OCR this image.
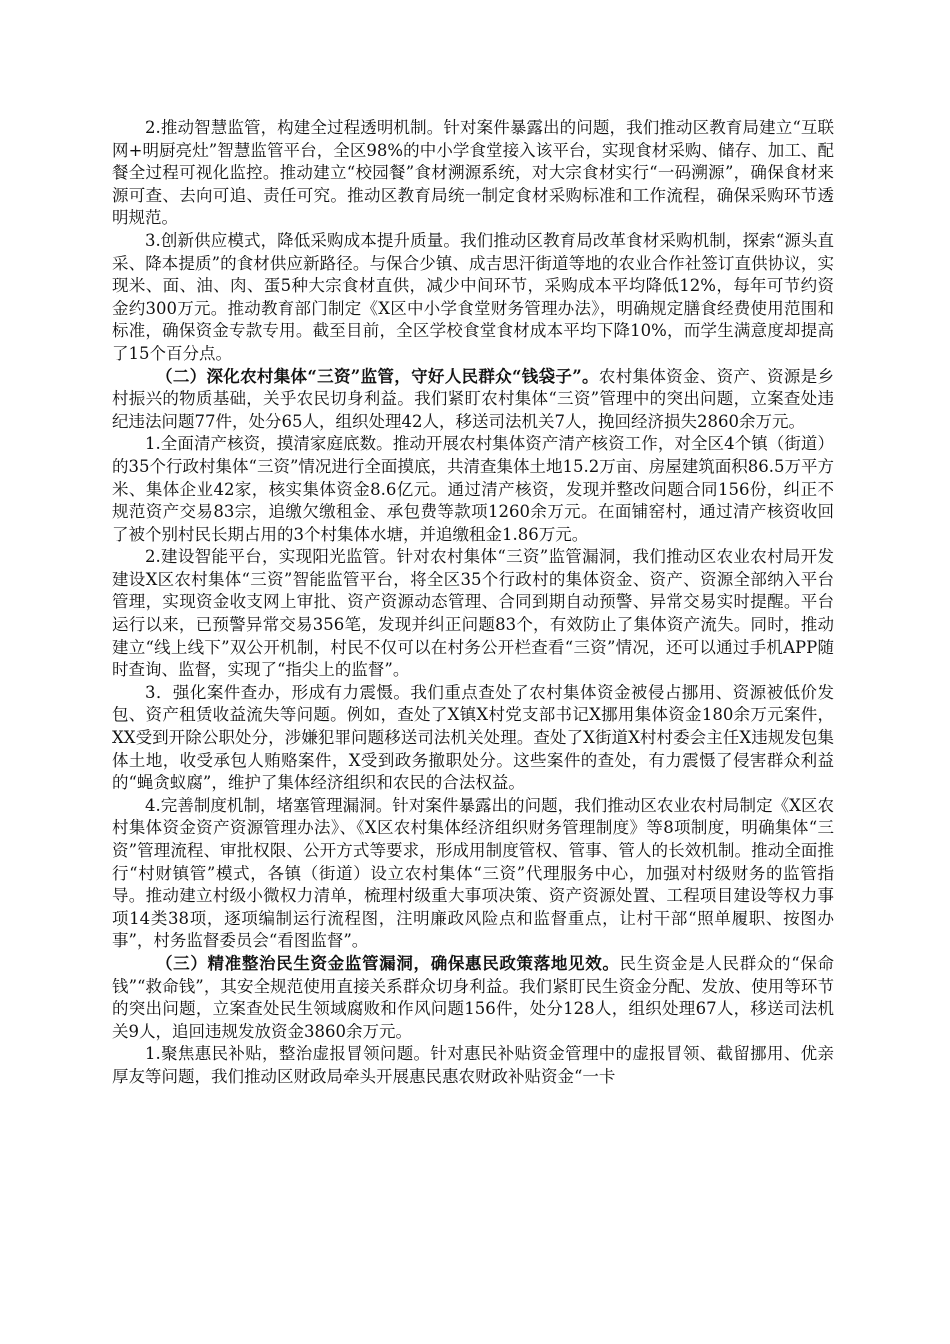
2.推动智慧监管，构建全过程透明机制。针对案件暴露出的问题，我们推动区教育局建立“互联网+明厨亮灶”智慧监管平台，全区98%的中小学食堂接入该平台，实现食材采购、储存、加工、配餐全过程可视化监控。推动建立“校园餐”食材溯源系统，对大宗食材实行“一码溯源”，确保食材来源可查、去向可追、责任可究。推动区教育局统一制定食材采购标准和工作流程，确保采购环节透明规范。

3.创新供应模式，降低采购成本提升质量。我们推动区教育局改革食材采购机制，探索“源头直采、降本提质”的食材供应新路径。与保合少镇、成吉思汗街道等地的农业合作社签订直供协议，实现米、面、油、肉、蛋5种大宗食材直供，减少中间环节，采购成本平均降低12%，每年可节约资金约300万元。推动教育部门制定《X区中小学食堂财务管理办法》，明确规定膳食经费使用范围和标准，确保资金专款专用。截至目前，全区学校食堂食材成本平均下降10%，而学生满意度却提高了15个百分点。

（二）深化农村集体“三资”监管，守好人民群众“钱袋子”。农村集体资金、资产、资源是乡村振兴的物质基础，关乎农民切身利益。我们紧盯农村集体“三资”管理中的突出问题，立案查处违纪违法问题77件，处分65人，组织处理42人，移送司法机关7人，挽回经济损失2860余万元。

1.全面清产核资，摸清家庭底数。推动开展农村集体资产清产核资工作，对全区4个镇（街道）的35个行政村集体“三资”情况进行全面摸底，共清查集体土地15.2万亩、房屋建筑面积86.5万平方米、集体企业42家，核实集体资金8.6亿元。通过清产核资，发现并整改问题合同156份，纠正不规范资产交易83宗，追缴欠缴租金、承包费等款项1260余万元。在面铺窑村，通过清产核资收回了被个别村民长期占用的3个村集体水塘，并追缴租金1.86万元。

2.建设智能平台，实现阳光监管。针对农村集体“三资”监管漏洞，我们推动区农业农村局开发建设X区农村集体“三资”智能监管平台，将全区35个行政村的集体资金、资产、资源全部纳入平台管理，实现资金收支网上审批、资产资源动态管理、合同到期自动预警、异常交易实时提醒。平台运行以来，已预警异常交易356笔，发现并纠正问题83个，有效防止了集体资产流失。同时，推动建立“线上线下”双公开机制，村民不仅可以在村务公开栏查看“三资”情况，还可以通过手机APP随时查询、监督，实现了“指尖上的监督”。

3．强化案件查办，形成有力震慑。我们重点查处了农村集体资金被侵占挪用、资源被低价发包、资产租赁收益流失等问题。例如，查处了X镇X村党支部书记X挪用集体资金180余万元案件，XX受到开除公职处分，涉嫌犯罪问题移送司法机关处理。查处了X街道X村村委会主任X违规发包集体土地，收受承包人贿赂案件，X受到政务撤职处分。这些案件的查处，有力震慑了侵害群众利益的“蝇贪蚁腐”，维护了集体经济组织和农民的合法权益。

4.完善制度机制，堵塞管理漏洞。针对案件暴露出的问题，我们推动区农业农村局制定《X区农村集体资金资产资源管理办法》、《X区农村集体经济组织财务管理制度》等8项制度，明确集体“三资”管理流程、审批权限、公开方式等要求，形成用制度管权、管事、管人的长效机制。推动全面推行“村财镇管”模式，各镇（街道）设立农村集体“三资”代理服务中心，加强对村级财务的监管指导。推动建立村级小微权力清单，梳理村级重大事项决策、资产资源处置、工程项目建设等权力事项14类38项，逐项编制运行流程图，注明廉政风险点和监督重点，让村干部“照单履职、按图办事”，村务监督委员会“看图监督”。

（三）精准整治民生资金监管漏洞，确保惠民政策落地见效。民生资金是人民群众的“保命钱”“救命钱”，其安全规范使用直接关系群众切身利益。我们紧盯民生资金分配、发放、使用等环节的突出问题，立案查处民生领域腐败和作风问题156件，处分128人，组织处理67人，移送司法机关9人，追回违规发放资金3860余万元。

1.聚焦惠民补贴，整治虚报冒领问题。针对惠民补贴资金管理中的虚报冒领、截留挪用、优亲厚友等问题，我们推动区财政局牵头开展惠民惠农财政补贴资金“一卡
